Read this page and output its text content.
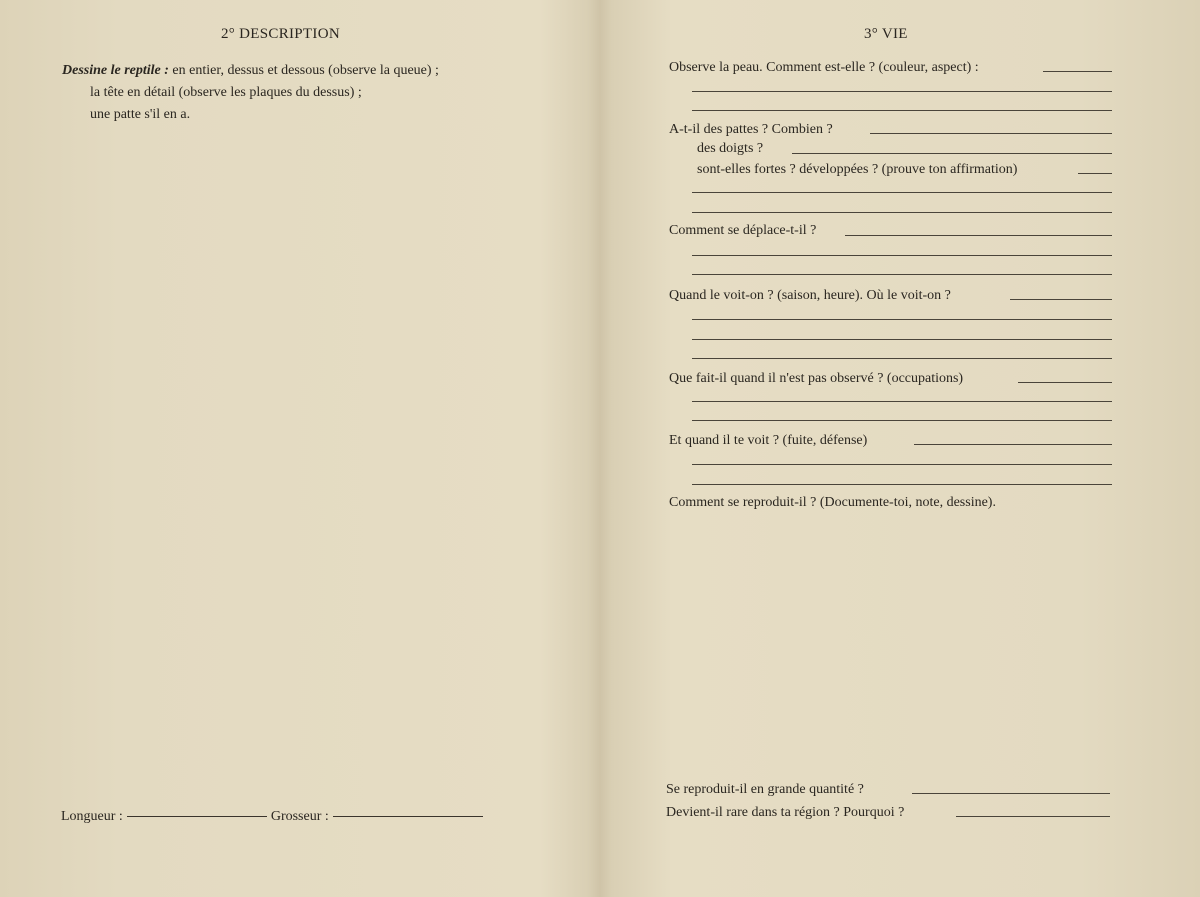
2° DESCRIPTION
Dessine le reptile : en entier, dessus et dessous (observe la queue) ;
la tête en détail (observe les plaques du dessus) ;
une patte s'il en a.
Longueur :	Grosseur :
3° VIE
Observe la peau. Comment est-elle ? (couleur, aspect) :
A-t-il des pattes ? Combien ?
des doigts ?
sont-elles fortes ? développées ? (prouve ton affirmation)
Comment se déplace-t-il ?
Quand le voit-on ? (saison, heure). Où le voit-on ?
Que fait-il quand il n'est pas observé ? (occupations)
Et quand il te voit ? (fuite, défense)
Comment se reproduit-il ? (Documente-toi, note, dessine).
Se reproduit-il en grande quantité ?
Devient-il rare dans ta région ? Pourquoi ?
